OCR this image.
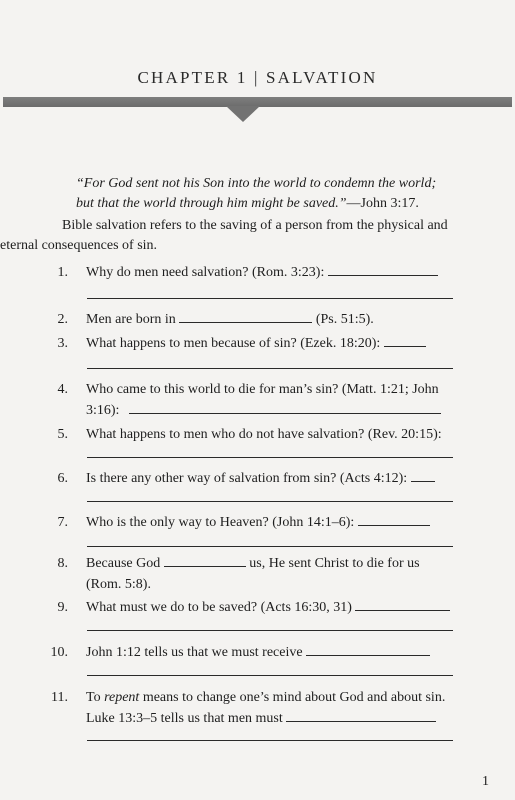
CHAPTER 1 | SALVATION
“For God sent not his Son into the world to condemn the world; but that the world through him might be saved.”—John 3:17.
Bible salvation refers to the saving of a person from the physical and
eternal consequences of sin.
1. Why do men need salvation? (Rom. 3:23):
2. Men are born in	(Ps. 51:5).
3. What happens to men because of sin? (Ezek. 18:20):
4. Who came to this world to die for man’s sin? (Matt. 1:21; John
3:16):
5. What happens to men who do not have salvation? (Rev. 20:15):
6. Is there any other way of salvation from sin? (Acts 4:12):
7. Who is the only way to Heaven? (John 14:1–6):
8. Because God	us, He sent Christ to die for us
(Rom. 5:8).
9. What must we do to be saved? (Acts 16:30, 31)
10. John 1:12 tells us that we must receive
11. To repent means to change one’s mind about God and about sin.
Luke 13:3–5 tells us that men must
1
